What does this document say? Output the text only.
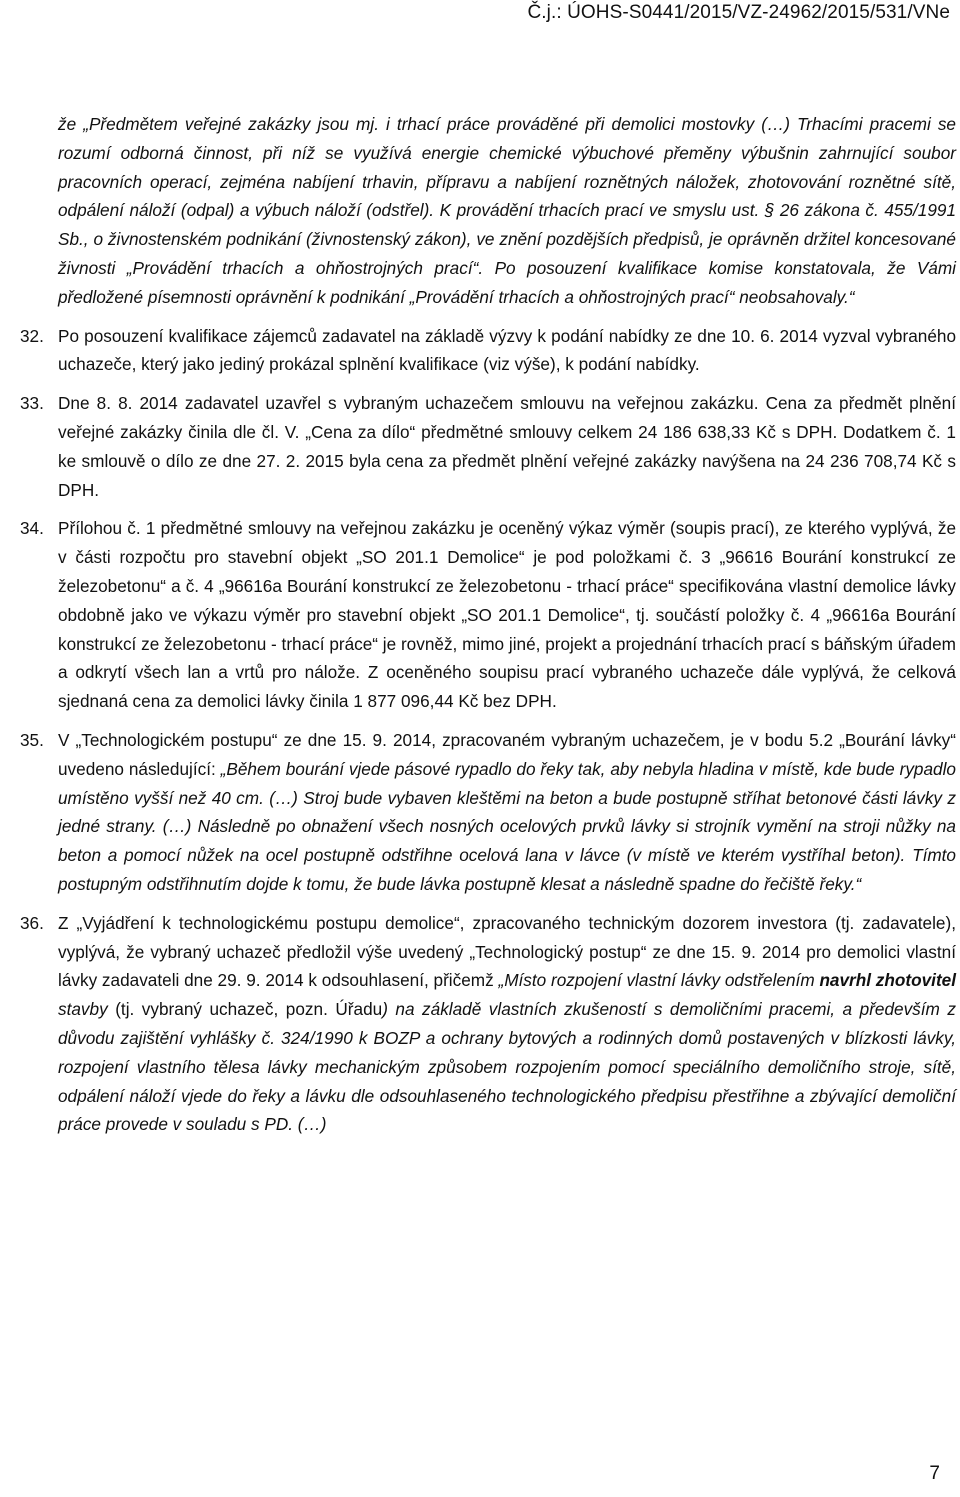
Č.j.: ÚOHS-S0441/2015/VZ-24962/2015/531/VNe
že „Předmětem veřejné zakázky jsou mj. i trhací práce prováděné při demolici mostovky (…) Trhacími pracemi se rozumí odborná činnost, při níž se využívá energie chemické výbuchové přeměny výbušnin zahrnující soubor pracovních operací, zejména nabíjení trhavin, přípravu a nabíjení roznětných náložek, zhotovování roznětné sítě, odpálení náloží (odpal) a výbuch náloží (odstřel). K provádění trhacích prací ve smyslu ust. § 26 zákona č. 455/1991 Sb., o živnostenském podnikání (živnostenský zákon), ve znění pozdějších předpisů, je oprávněn držitel koncesované živnosti „Provádění trhacích a ohňostrojných prací“. Po posouzení kvalifikace komise konstatovala, že Vámi předložené písemnosti oprávnění k podnikání „Provádění trhacích a ohňostrojných prací“ neobsahovaly.“
32. Po posouzení kvalifikace zájemců zadavatel na základě výzvy k podání nabídky ze dne 10. 6. 2014 vyzval vybraného uchazeče, který jako jediný prokázal splnění kvalifikace (viz výše), k podání nabídky.
33. Dne 8. 8. 2014 zadavatel uzavřel s vybraným uchazečem smlouvu na veřejnou zakázku. Cena za předmět plnění veřejné zakázky činila dle čl. V. „Cena za dílo“ předmětné smlouvy celkem 24 186 638,33 Kč s DPH. Dodatkem č. 1 ke smlouvě o dílo ze dne 27. 2. 2015 byla cena za předmět plnění veřejné zakázky navýšena na 24 236 708,74 Kč s DPH.
34. Přílohou č. 1 předmětné smlouvy na veřejnou zakázku je oceněný výkaz výměr (soupis prací), ze kterého vyplývá, že v části rozpočtu pro stavební objekt „SO 201.1 Demolice“ je pod položkami č. 3 „96616 Bourání konstrukcí ze železobetonu“ a č. 4 „96616a Bourání konstrukcí ze železobetonu - trhací práce“ specifikována vlastní demolice lávky obdobně jako ve výkazu výměr pro stavební objekt „SO 201.1 Demolice“, tj. součástí položky č. 4 „96616a Bourání konstrukcí ze železobetonu - trhací práce“ je rovněž, mimo jiné, projekt a projednání trhacích prací s báňským úřadem a odkrytí všech lan a vrtů pro nálože. Z oceněného soupisu prací vybraného uchazeče dále vyplývá, že celková sjednaná cena za demolici lávky činila 1 877 096,44 Kč bez DPH.
35. V „Technologickém postupu“ ze dne 15. 9. 2014, zpracovaném vybraným uchazečem, je v bodu 5.2 „Bourání lávky“ uvedeno následující: „Během bourání vjede pásové rypadlo do řeky tak, aby nebyla hladina v místě, kde bude rypadlo umístěno vyšší než 40 cm. (…) Stroj bude vybaven kleštěmi na beton a bude postupně stříhat betonové části lávky z jedné strany. (…) Následně po obnažení všech nosných ocelových prvků lávky si strojník vymění na stroji nůžky na beton a pomocí nůžek na ocel postupně odstřihne ocelová lana v lávce (v místě ve kterém vystříhal beton). Tímto postupným odstřihnutím dojde k tomu, že bude lávka postupně klesat a následně spadne do řečiště řeky.“
36. Z „Vyjádření k technologickému postupu demolice“, zpracovaného technickým dozorem investora (tj. zadavatele), vyplývá, že vybraný uchazeč předložil výše uvedený „Technologický postup“ ze dne 15. 9. 2014 pro demolici vlastní lávky zadavateli dne 29. 9. 2014 k odsouhlasení, přičemž „Místo rozpojení vlastní lávky odstřelením navrhl zhotovitel stavby (tj. vybraný uchazeč, pozn. Úřadu) na základě vlastních zkušeností s demoličními pracemi, a především z důvodu zajištění vyhlášky č. 324/1990 k BOZP a ochrany bytových a rodinných domů postavených v blízkosti lávky, rozpojení vlastního tělesa lávky mechanickým způsobem rozpojením pomocí speciálního demoličního stroje, sítě, odpálení náloží vjede do řeky a lávku dle odsouhlaseného technologického předpisu přestřihne a zbývající demoliční práce provede v souladu s PD. (…)
7
